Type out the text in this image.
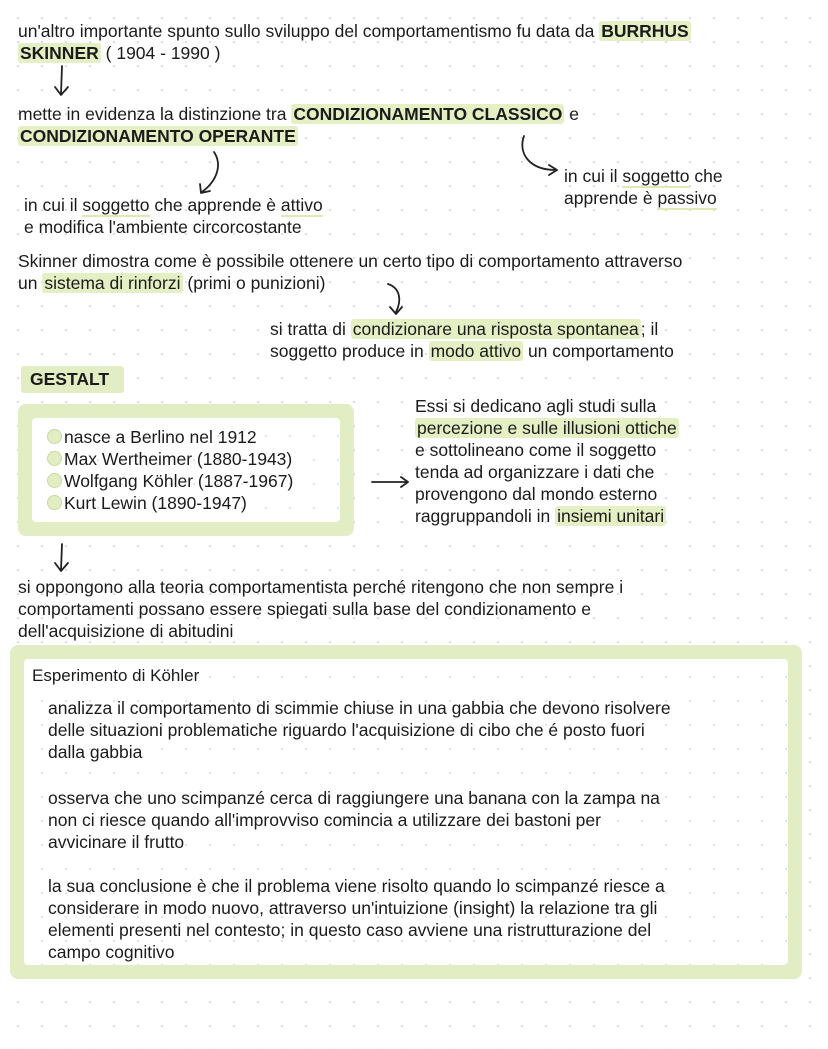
un'altro importante spunto sullo sviluppo del comportamentismo fu data da BURRHUS
SKINNER ( 1904 - 1990 )
mette in evidenza la distinzione tra CONDIZIONAMENTO CLASSICO e
CONDIZIONAMENTO OPERANTE
in cui il soggetto che apprende è attivo
e modifica l'ambiente circorcostante
in cui il soggetto che
apprende è passivo
Skinner dimostra come è possibile ottenere un certo tipo di comportamento attraverso
un sistema di rinforzi (primi o punizioni)
si tratta di condizionare una risposta spontanea ; il
soggetto produce in modo attivo un comportamento
GESTALT
nasce a Berlino nel 1912
Max Wertheimer (1880-1943)
Wolfgang Köhler (1887-1967)
Kurt Lewin (1890-1947)
Essi si dedicano agli studi sulla
percezione e sulle illusioni ottiche
e sottolineano come il soggetto
tenda ad organizzare i dati che
provengono dal mondo esterno
raggruppandoli in insiemi unitari
si oppongono alla teoria comportamentista perché ritengono che non sempre i
comportamenti possano essere spiegati sulla base del condizionamento e
dell'acquisizione di abitudini
Esperimento di Köhler
analizza il comportamento di scimmie chiuse in una gabbia che devono risolvere
delle situazioni problematiche riguardo l'acquisizione di cibo che é posto fuori
dalla gabbia
osserva che uno scimpanzé cerca di raggiungere una banana con la zampa na
non ci riesce quando all'improvviso comincia a utilizzare dei bastoni per
avvicinare il frutto
la sua conclusione è che il problema viene risolto quando lo scimpanzé riesce a
considerare in modo nuovo, attraverso un'intuizione (insight) la relazione tra gli
elementi presenti nel contesto; in questo caso avviene una ristrutturazione del
campo cognitivo
